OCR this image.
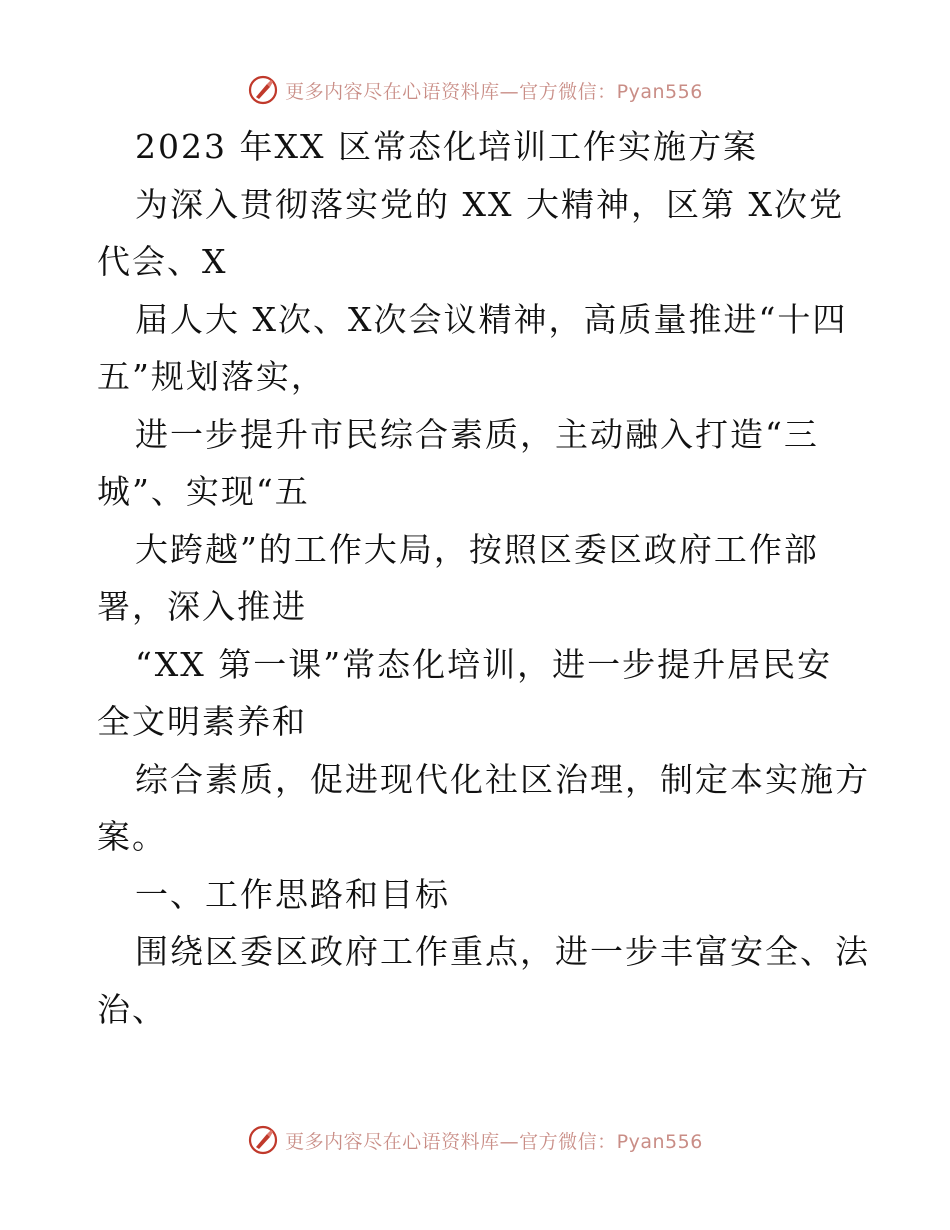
更多内容尽在心语资料库—官方微信：Pyan556
2023 年XX 区常态化培训工作实施方案
为深入贯彻落实党的 XX 大精神，区第 X次党
代会、X
届人大 X次、X次会议精神，高质量推进“十四
五”规划落实，
进一步提升市民综合素质，主动融入打造“三
城”、实现“五
大跨越”的工作大局，按照区委区政府工作部
署，深入推进
“XX 第一课”常态化培训，进一步提升居民安
全文明素养和
综合素质，促进现代化社区治理，制定本实施方
案。
一、工作思路和目标
围绕区委区政府工作重点，进一步丰富安全、法
治、
更多内容尽在心语资料库—官方微信：Pyan556
